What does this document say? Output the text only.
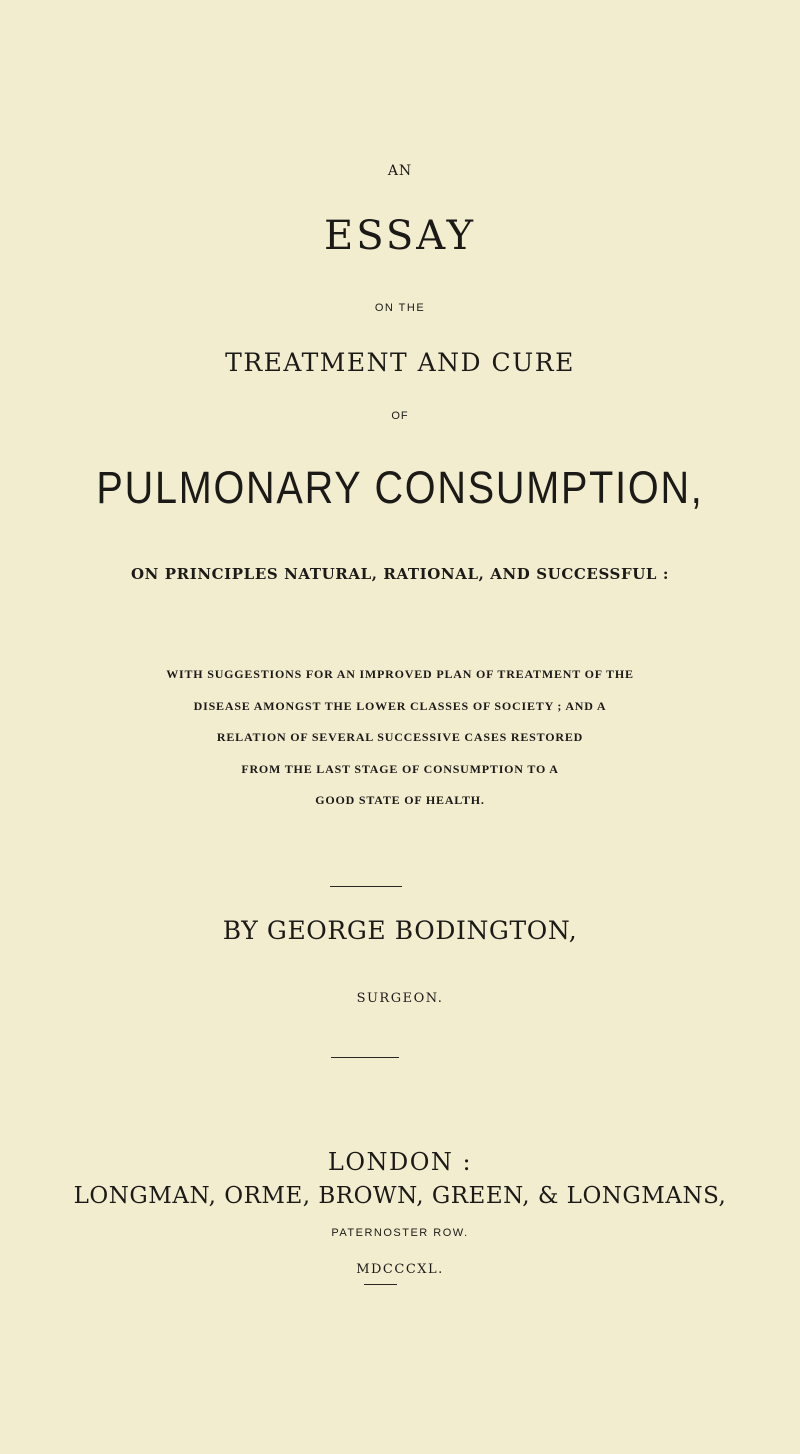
AN
ESSAY
ON THE
TREATMENT AND CURE
OF
PULMONARY CONSUMPTION,
ON PRINCIPLES NATURAL, RATIONAL, AND SUCCESSFUL :
WITH SUGGESTIONS FOR AN IMPROVED PLAN OF TREATMENT OF THE
DISEASE AMONGST THE LOWER CLASSES OF SOCIETY ; AND A
RELATION OF SEVERAL SUCCESSIVE CASES RESTORED
FROM THE LAST STAGE OF CONSUMPTION TO A
GOOD STATE OF HEALTH.
BY GEORGE BODINGTON,
SURGEON.
LONDON :
LONGMAN, ORME, BROWN, GREEN, & LONGMANS,
PATERNOSTER ROW.
MDCCCXL.
